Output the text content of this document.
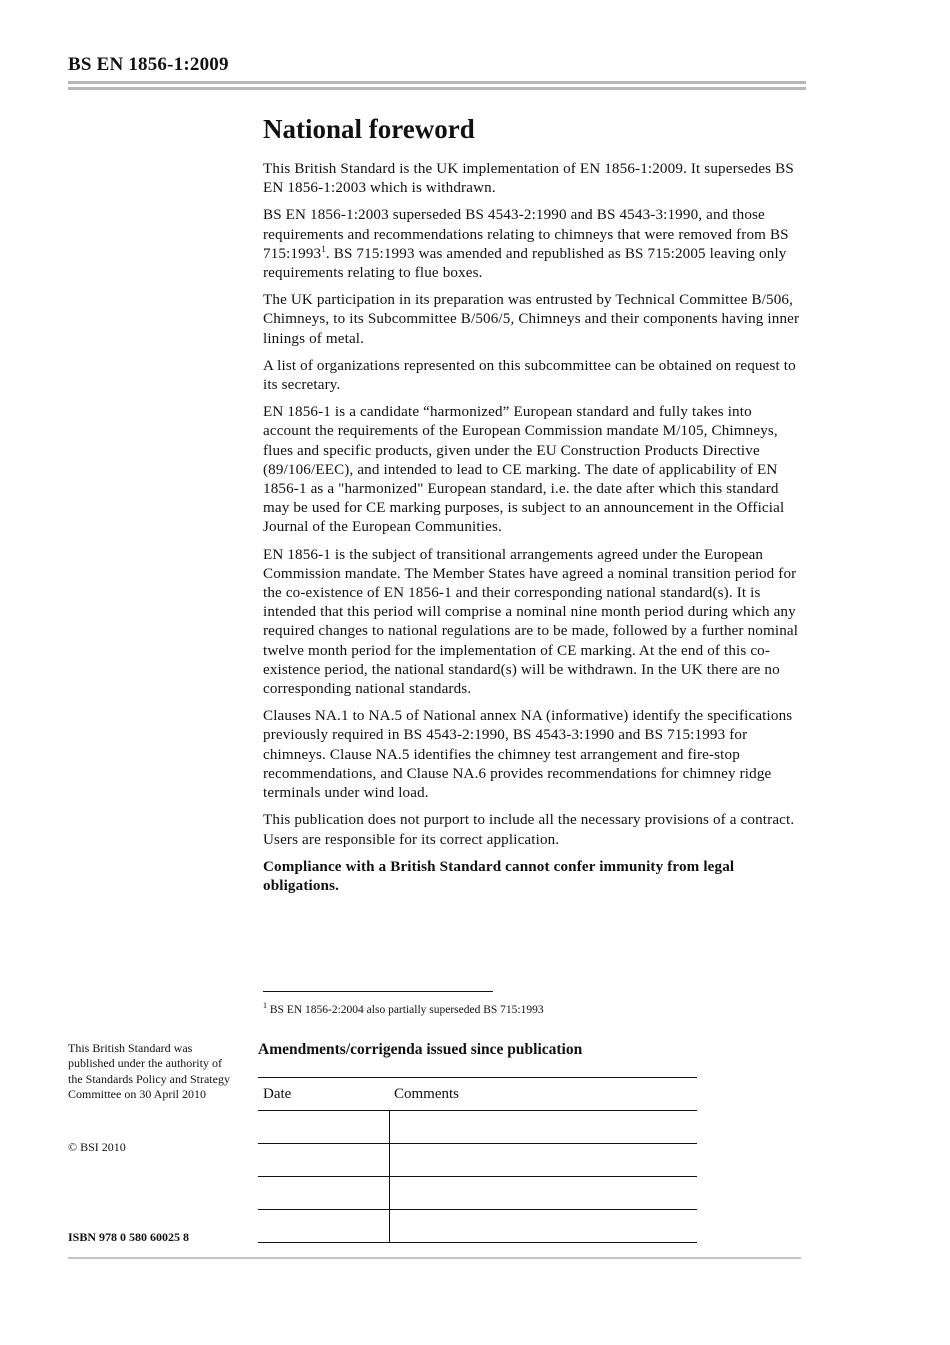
BS EN 1856-1:2009
National foreword

This British Standard is the UK implementation of EN 1856-1:2009. It supersedes BS EN 1856-1:2003 which is withdrawn.

BS EN 1856-1:2003 superseded BS 4543-2:1990 and BS 4543-3:1990, and those requirements and recommendations relating to chimneys that were removed from BS 715:1993$^1$. BS 715:1993 was amended and republished as BS 715:2005 leaving only requirements relating to flue boxes.

The UK participation in its preparation was entrusted by Technical Committee B/506, Chimneys, to its Subcommittee B/506/5, Chimneys and their components having inner linings of metal.

A list of organizations represented on this subcommittee can be obtained on request to its secretary.

EN 1856-1 is a candidate “harmonized” European standard and fully takes into account the requirements of the European Commission mandate M/105, Chimneys, flues and specific products, given under the EU Construction Products Directive (89/106/EEC), and intended to lead to CE marking. The date of applicability of EN 1856-1 as a "harmonized" European standard, i.e. the date after which this standard may be used for CE marking purposes, is subject to an announcement in the Official Journal of the European Communities.

EN 1856-1 is the subject of transitional arrangements agreed under the European Commission mandate. The Member States have agreed a nominal transition period for the co-existence of EN 1856-1 and their corresponding national standard(s). It is intended that this period will comprise a nominal nine month period during which any required changes to national regulations are to be made, followed by a further nominal twelve month period for the implementation of CE marking. At the end of this co-existence period, the national standard(s) will be withdrawn. In the UK there are no corresponding national standards.

Clauses NA.1 to NA.5 of National annex NA (informative) identify the specifications previously required in BS 4543-2:1990, BS 4543-3:1990 and BS 715:1993 for chimneys. Clause NA.5 identifies the chimney test arrangement and fire-stop recommendations, and Clause NA.6 provides recommendations for chimney ridge terminals under wind load.

This publication does not purport to include all the necessary provisions of a contract. Users are responsible for its correct application.

Compliance with a British Standard cannot confer immunity from legal obligations.

$^1$ BS EN 1856-2:2004 also partially superseded BS 715:1993
This British Standard was published under the authority of the Standards Policy and Strategy Committee on 30 April 2010
© BSI 2010
ISBN 978 0 580 60025 8
Amendments/corrigenda issued since publication
Date	Comments
